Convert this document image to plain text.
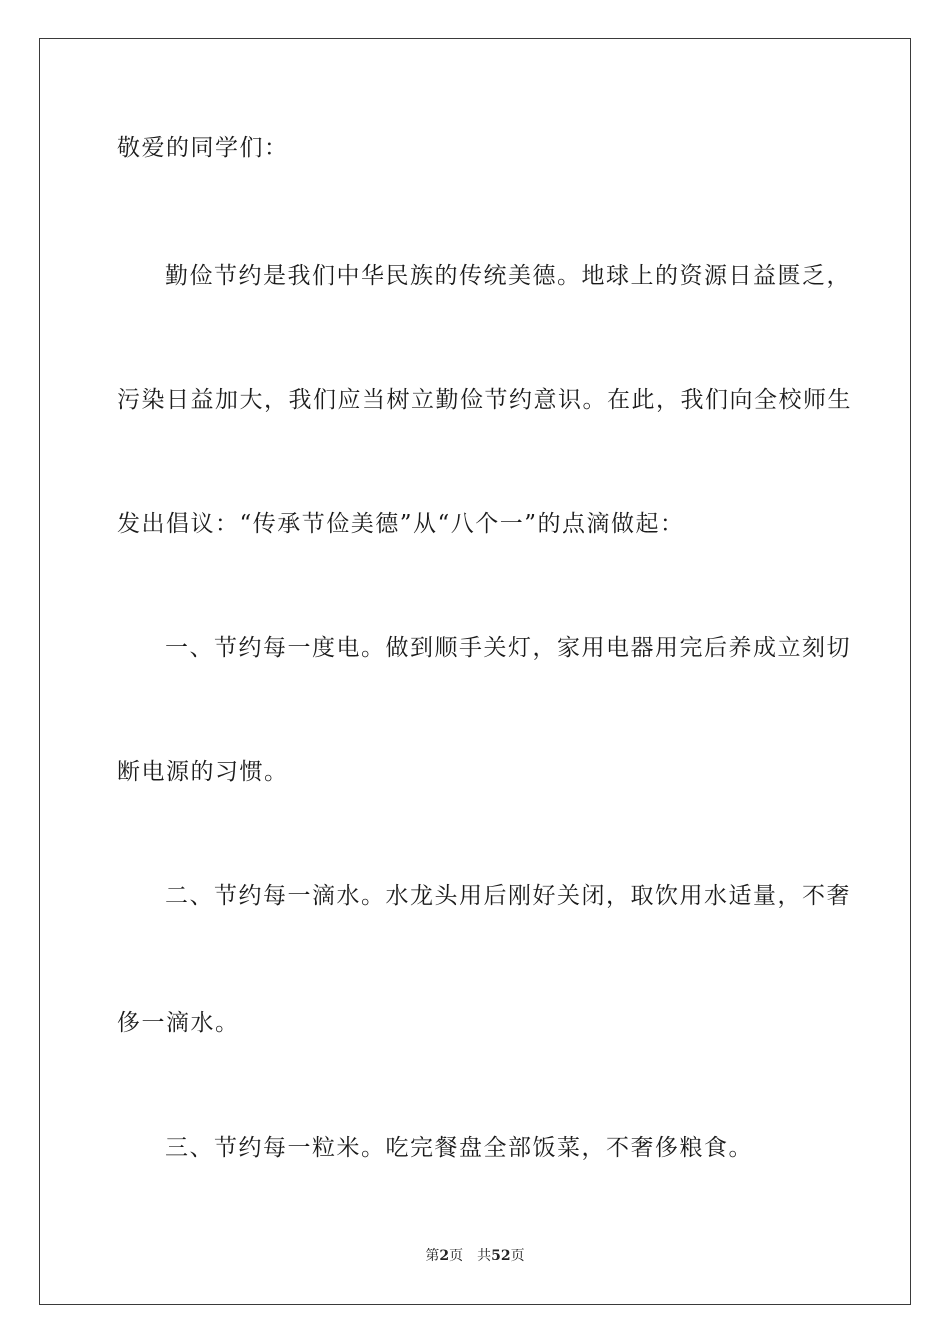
敬爱的同学们：
勤俭节约是我们中华民族的传统美德。地球上的资源日益匮乏，
污染日益加大，我们应当树立勤俭节约意识。在此，我们向全校师生
发出倡议：“传承节俭美德”从“八个一”的点滴做起：
一、节约每一度电。做到顺手关灯，家用电器用完后养成立刻切
断电源的习惯。
二、节约每一滴水。水龙头用后刚好关闭，取饮用水适量，不奢
侈一滴水。
三、节约每一粒米。吃完餐盘全部饭菜，不奢侈粮食。
第2页 共52页
